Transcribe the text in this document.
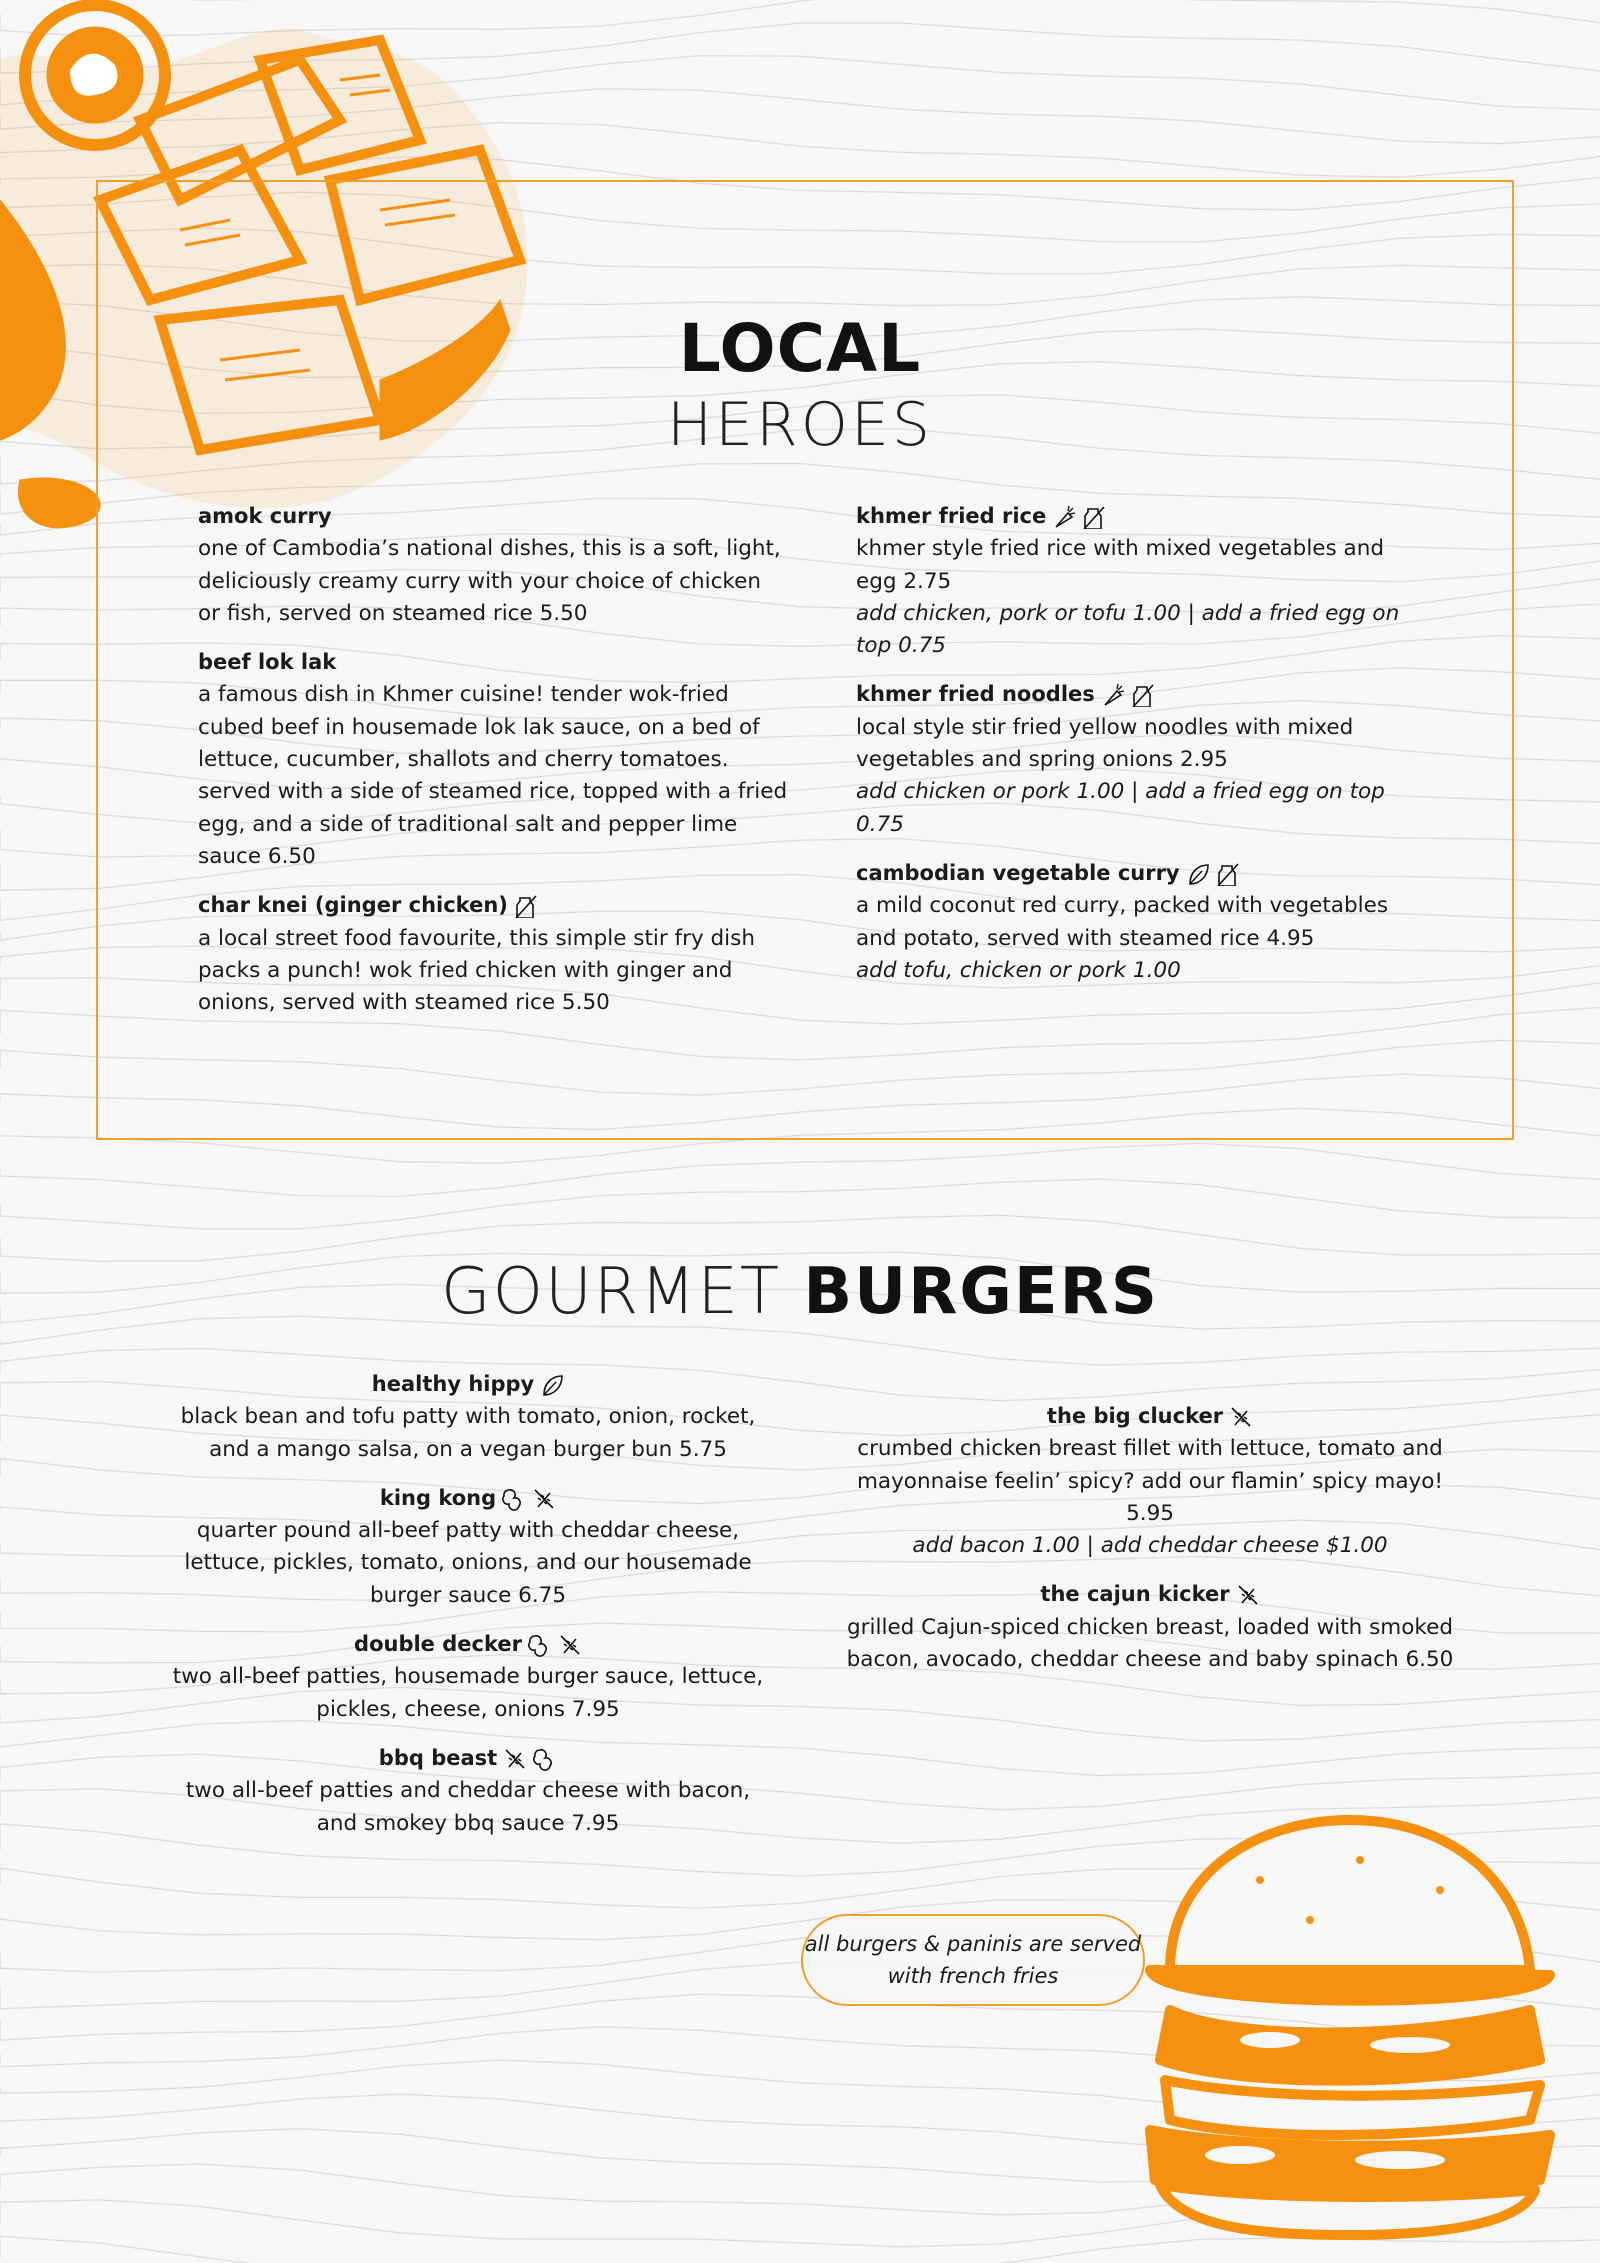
LOCAL
HEROES
amok curry
one of Cambodia’s national dishes, this is a soft, light, deliciously creamy curry with your choice of chicken or fish, served on steamed rice 5.50
beef lok lak
a famous dish in Khmer cuisine! tender wok-fried cubed beef in housemade lok lak sauce, on a bed of lettuce, cucumber, shallots and cherry tomatoes. served with a side of steamed rice, topped with a fried egg, and a side of traditional salt and pepper lime sauce 6.50
char knei (ginger chicken)
a local street food favourite, this simple stir fry dish packs a punch! wok fried chicken with ginger and onions, served with steamed rice 5.50
khmer fried rice
khmer style fried rice with mixed vegetables and egg 2.75
add chicken, pork or tofu 1.00 | add a fried egg on top 0.75
khmer fried noodles
local style stir fried yellow noodles with mixed vegetables and spring onions 2.95
add chicken or pork 1.00 | add a fried egg on top 0.75
cambodian vegetable curry
a mild coconut red curry, packed with vegetables and potato, served with steamed rice 4.95
add tofu, chicken or pork 1.00
GOURMET BURGERS
healthy hippy
black bean and tofu patty with tomato, onion, rocket, and a mango salsa, on a vegan burger bun 5.75
king kong
quarter pound all-beef patty with cheddar cheese, lettuce, pickles, tomato, onions, and our housemade burger sauce 6.75
double decker
two all-beef patties, housemade burger sauce, lettuce, pickles, cheese, onions 7.95
bbq beast
two all-beef patties and cheddar cheese with bacon, and smokey bbq sauce 7.95
the big clucker
crumbed chicken breast fillet with lettuce, tomato and mayonnaise feelin’ spicy? add our flamin’ spicy mayo! 5.95
add bacon 1.00 | add cheddar cheese $1.00
the cajun kicker
grilled Cajun-spiced chicken breast, loaded with smoked bacon, avocado, cheddar cheese and baby spinach 6.50
all burgers & paninis are served with french fries
